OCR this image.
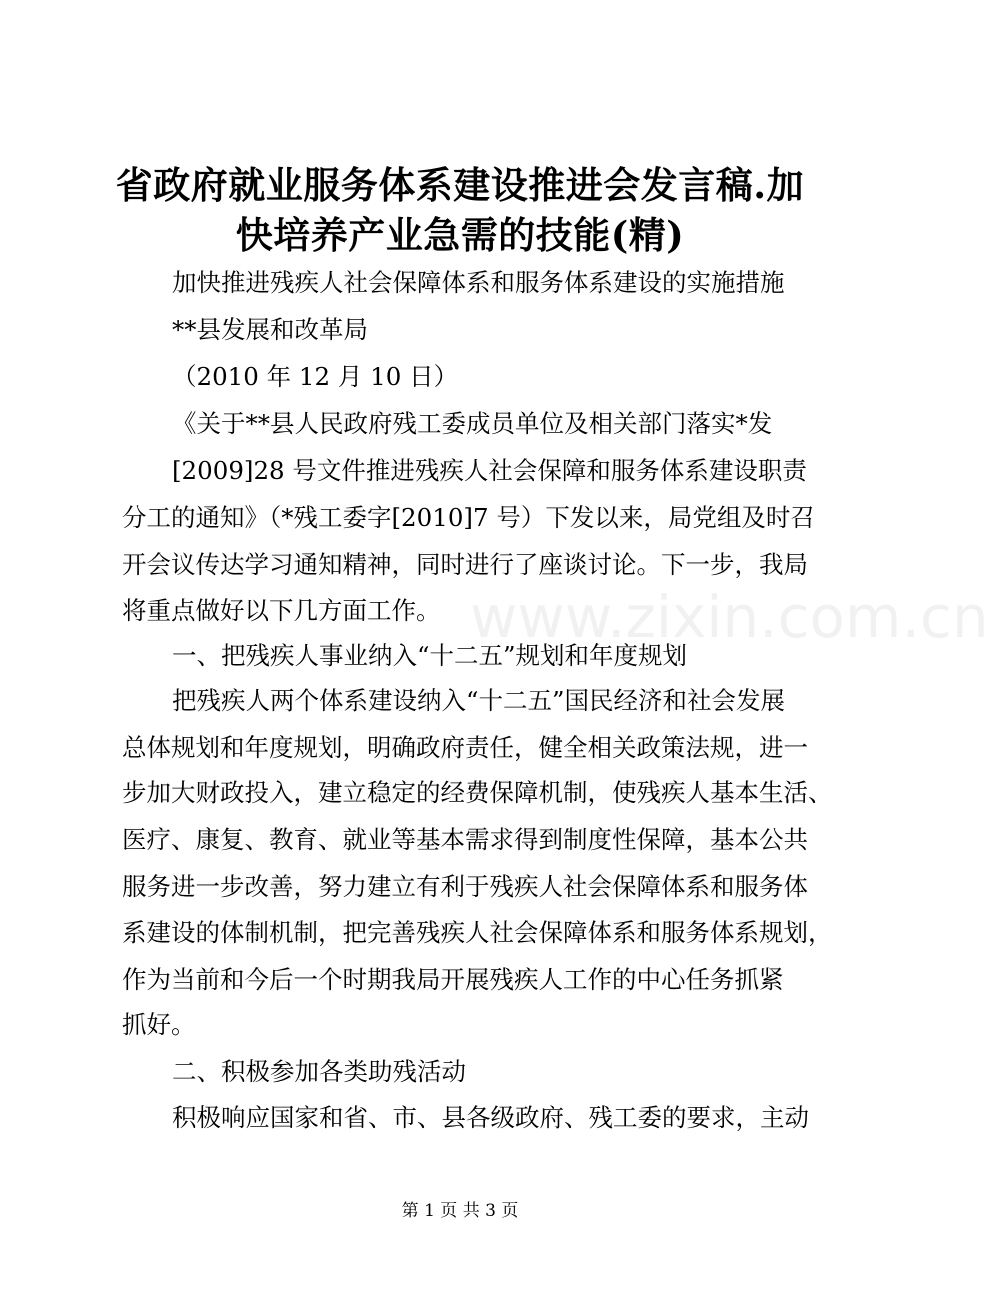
省政府就业服务体系建设推进会发言稿.加快培养产业急需的技能(精)
加快推进残疾人社会保障体系和服务体系建设的实施措施
**县发展和改革局
（2010 年 12 月 10 日）
《关于**县人民政府残工委成员单位及相关部门落实*发
[2009]28 号文件推进残疾人社会保障和服务体系建设职责
分工的通知》（*残工委字[2010]7 号）下发以来，局党组及时召
开会议传达学习通知精神，同时进行了座谈讨论。下一步，我局
将重点做好以下几方面工作。
一、把残疾人事业纳入“十二五”规划和年度规划
把残疾人两个体系建设纳入“十二五”国民经济和社会发展
总体规划和年度规划，明确政府责任，健全相关政策法规，进一
步加大财政投入，建立稳定的经费保障机制，使残疾人基本生活、
医疗、康复、教育、就业等基本需求得到制度性保障，基本公共
服务进一步改善，努力建立有利于残疾人社会保障体系和服务体
系建设的体制机制，把完善残疾人社会保障体系和服务体系规划，
作为当前和今后一个时期我局开展残疾人工作的中心任务抓紧
抓好。
二、积极参加各类助残活动
积极响应国家和省、市、县各级政府、残工委的要求，主动
www.zixin.com.cn
第 1 页 共 3 页
